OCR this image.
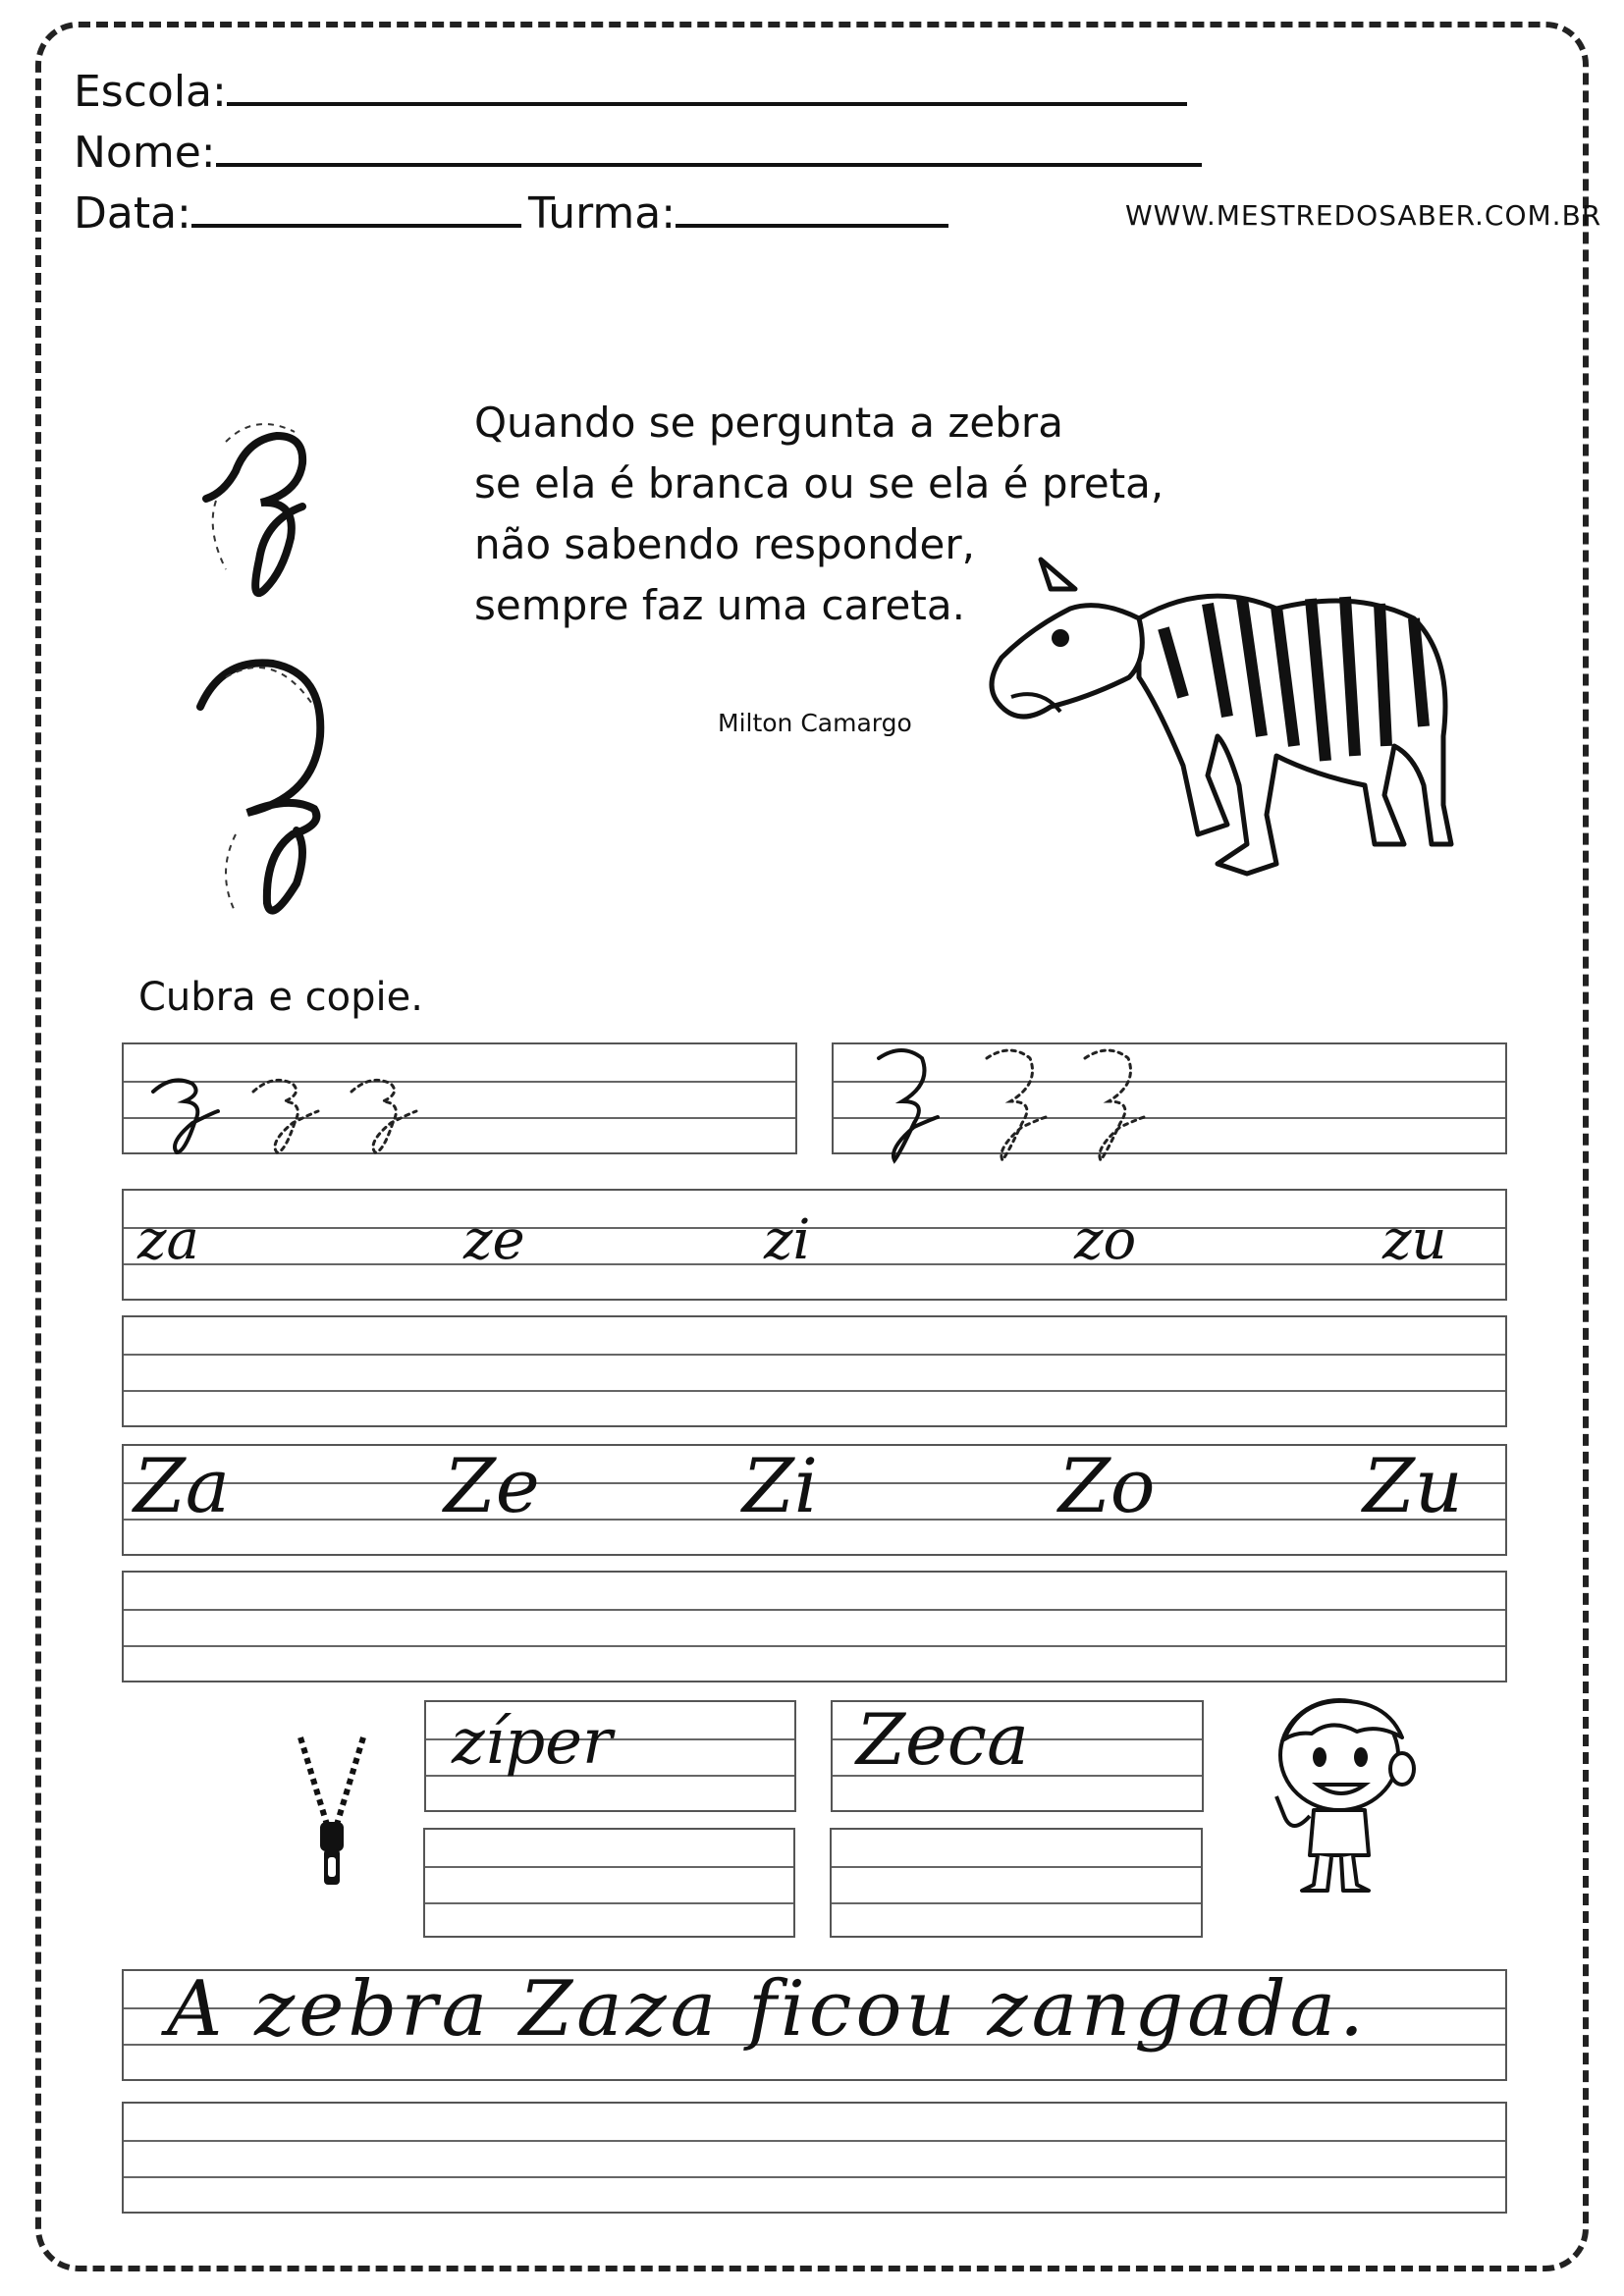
Escola:
Nome:
Data:	Turma:	WWW.MESTREDOSABER.COM.BR
Quando se pergunta a zebra
se ela é branca ou se ela é preta,
não sabendo responder,
sempre faz uma careta.
Milton Camargo
Cubra e copie.
za	ze	zi	zo	zu
Za	Ze	Zi	Zo	Zu
zíper	Zeca
A zebra Zaza ficou zangada.
